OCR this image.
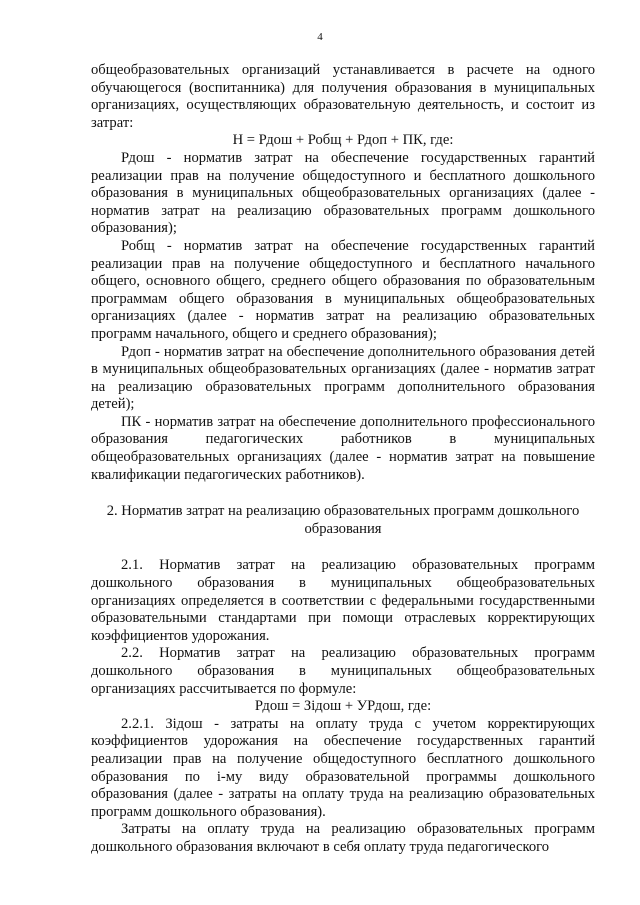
4

общеобразовательных организаций устанавливается в расчете на одного обучающегося (воспитанника) для получения образования в муниципальных организациях, осуществляющих образовательную деятельность, и состоит из затрат:

Н = Рдош + Робщ + Рдоп + ПК, где:

Рдош - норматив затрат на обеспечение государственных гарантий реализации прав на получение общедоступного и бесплатного дошкольного образования в муниципальных общеобразовательных организациях (далее - норматив затрат на реализацию образовательных программ дошкольного образования);

Робщ - норматив затрат на обеспечение государственных гарантий реализации прав на получение общедоступного и бесплатного начального общего, основного общего, среднего общего образования по образовательным программам общего образования в муниципальных общеобразовательных организациях (далее - норматив затрат на реализацию образовательных программ начального, общего и среднего образования);

Рдоп - норматив затрат на обеспечение дополнительного образования детей в муниципальных общеобразовательных организациях (далее - норматив затрат на реализацию образовательных программ дополнительного образования детей);

ПК - норматив затрат на обеспечение дополнительного профессионального образования педагогических работников в муниципальных общеобразовательных организациях (далее - норматив затрат на повышение квалификации педагогических работников).

2. Норматив затрат на реализацию образовательных программ дошкольного образования

2.1. Норматив затрат на реализацию образовательных программ дошкольного образования в муниципальных общеобразовательных организациях определяется в соответствии с федеральными государственными образовательными стандартами при помощи отраслевых корректирующих коэффициентов удорожания.

2.2. Норматив затрат на реализацию образовательных программ дошкольного образования в муниципальных общеобразовательных организациях рассчитывается по формуле:

Рдош = Зiдош + УРдош, где:

2.2.1. Зiдош - затраты на оплату труда с учетом корректирующих коэффициентов удорожания на обеспечение государственных гарантий реализации прав на получение общедоступного бесплатного дошкольного образования по i-му виду образовательной программы дошкольного образования (далее - затраты на оплату труда на реализацию образовательных программ дошкольного образования).

Затраты на оплату труда на реализацию образовательных программ дошкольного образования включают в себя оплату труда педагогического
